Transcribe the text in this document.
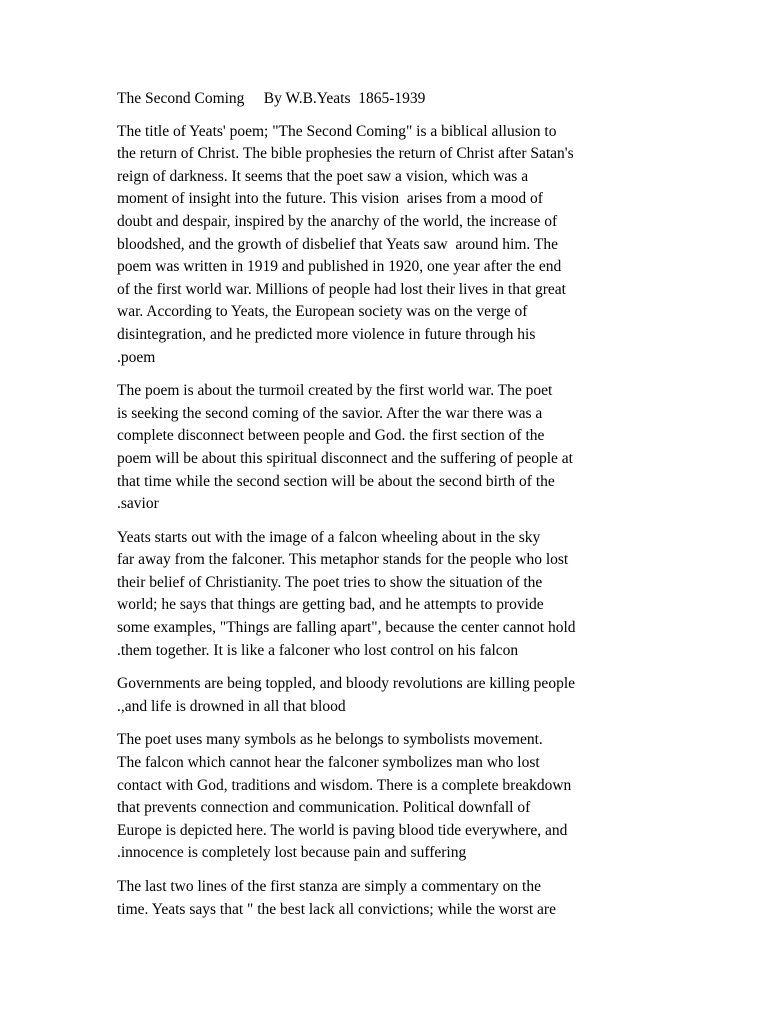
The Second Coming     By W.B.Yeats  1865-1939
The title of Yeats' poem; "The Second Coming" is a biblical allusion to
the return of Christ. The bible prophesies the return of Christ after Satan's
reign of darkness. It seems that the poet saw a vision, which was a
moment of insight into the future. This vision  arises from a mood of
doubt and despair, inspired by the anarchy of the world, the increase of
bloodshed, and the growth of disbelief that Yeats saw  around him. The
poem was written in 1919 and published in 1920, one year after the end
of the first world war. Millions of people had lost their lives in that great
war. According to Yeats, the European society was on the verge of
disintegration, and he predicted more violence in future through his
.poem
The poem is about the turmoil created by the first world war. The poet
is seeking the second coming of the savior. After the war there was a
complete disconnect between people and God. the first section of the
poem will be about this spiritual disconnect and the suffering of people at
that time while the second section will be about the second birth of the
.savior
Yeats starts out with the image of a falcon wheeling about in the sky
far away from the falconer. This metaphor stands for the people who lost
their belief of Christianity. The poet tries to show the situation of the
world; he says that things are getting bad, and he attempts to provide
some examples, "Things are falling apart", because the center cannot hold
.them together. It is like a falconer who lost control on his falcon
Governments are being toppled, and bloody revolutions are killing people
.,and life is drowned in all that blood
The poet uses many symbols as he belongs to symbolists movement.
The falcon which cannot hear the falconer symbolizes man who lost
contact with God, traditions and wisdom. There is a complete breakdown
that prevents connection and communication. Political downfall of
Europe is depicted here. The world is paving blood tide everywhere, and
.innocence is completely lost because pain and suffering
The last two lines of the first stanza are simply a commentary on the
time. Yeats says that " the best lack all convictions; while the worst are
